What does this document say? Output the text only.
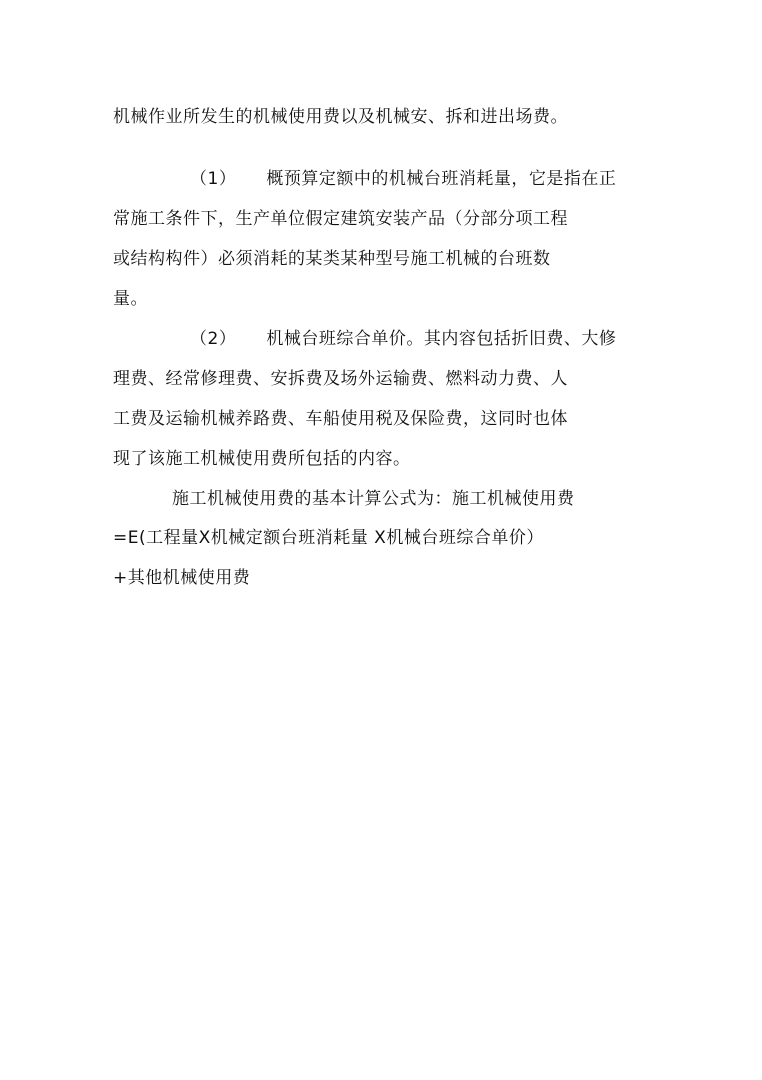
机械作业所发生的机械使用费以及机械安、拆和进出场费。
（1） 概预算定额中的机械台班消耗量，它是指在正
常施工条件下，生产单位假定建筑安装产品（分部分项工程
或结构构件）必须消耗的某类某种型号施工机械的台班数
量。
（2） 机械台班综合单价。其内容包括折旧费、大修
理费、经常修理费、安拆费及场外运输费、燃料动力费、人
工费及运输机械养路费、车船使用税及保险费，这同时也体
现了该施工机械使用费所包括的内容。
施工机械使用费的基本计算公式为：施工机械使用费
=E(工程量X机械定额台班消耗量 X机械台班综合单价）
+其他机械使用费
